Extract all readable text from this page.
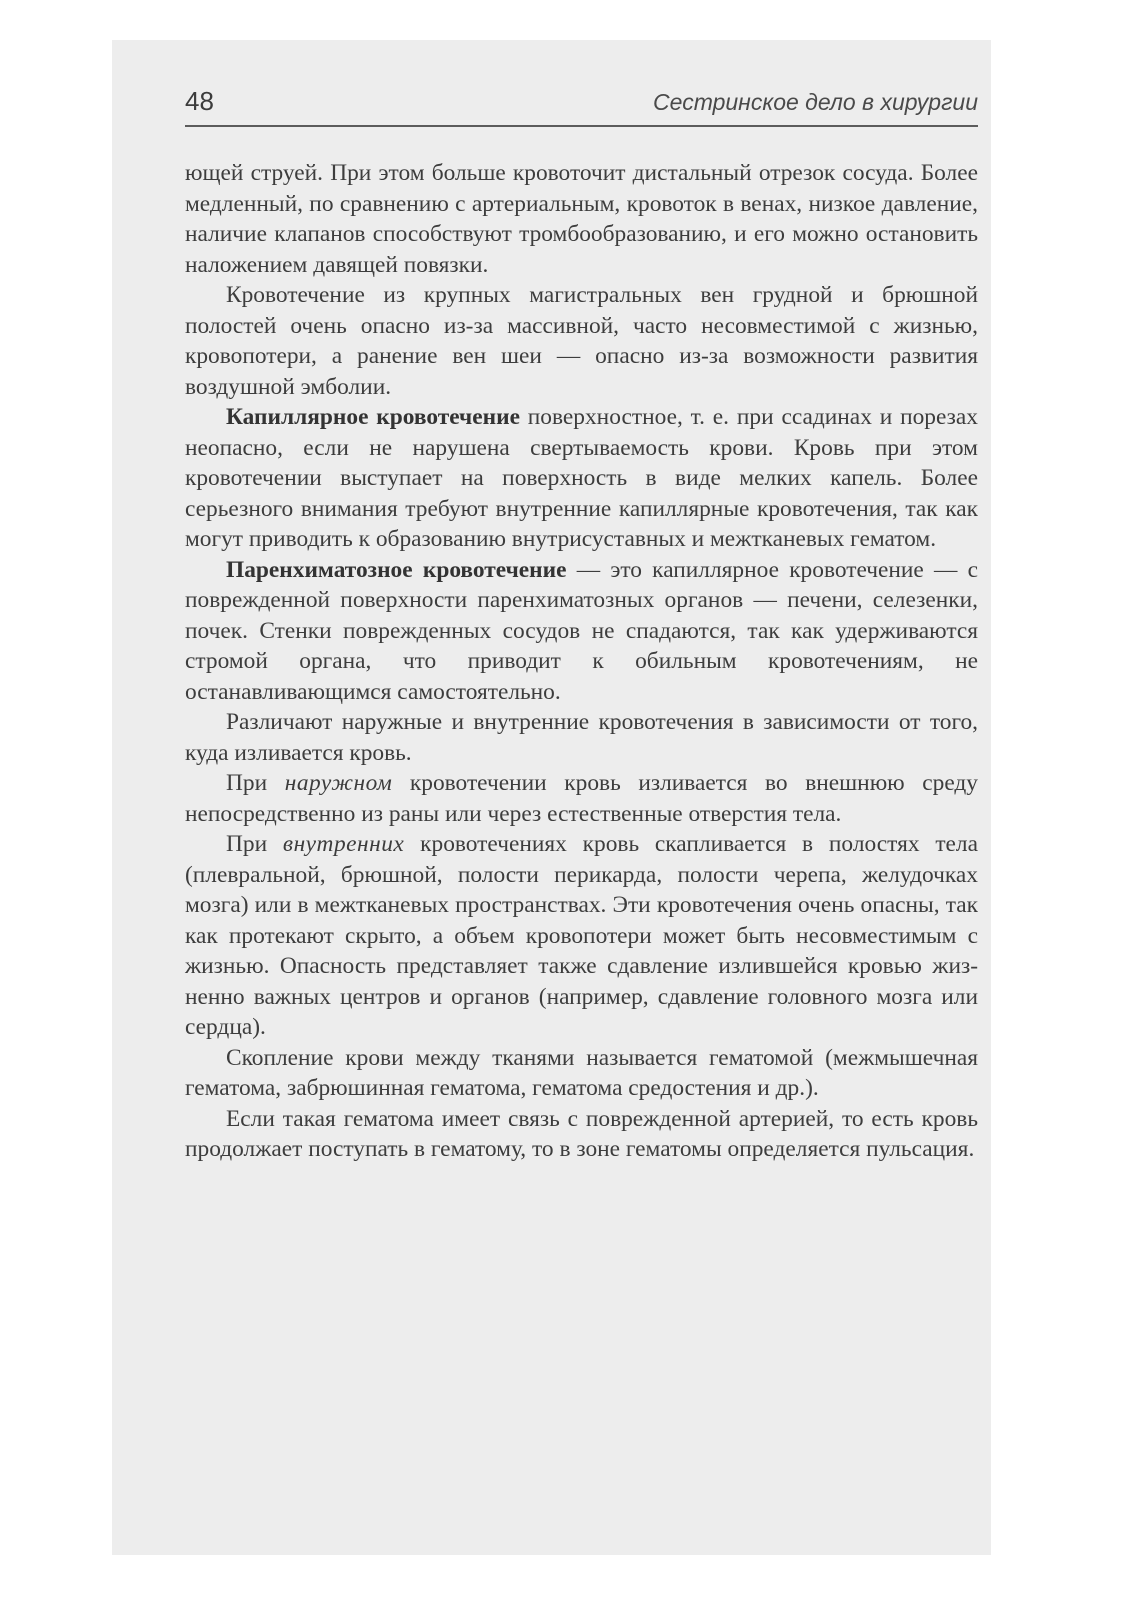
48	Сестринское дело в хирургии

ющей струей. При этом больше кровоточит дистальный отрезок сосуда. Более медленный, по сравнению с артериальным, кровоток в венах, низкое давление, наличие клапанов способствуют тромбообразованию, и его можно остановить наложением давящей повязки.

Кровотечение из крупных магистральных вен грудной и брюшной полостей очень опасно из-за массивной, часто несовместимой с жизнью, кровопотери, а ранение вен шеи — опасно из-за возможности развития воздушной эмболии.

Капиллярное кровотечение поверхностное, т. е. при ссадинах и порезах неопасно, если не нарушена свертываемость крови. Кровь при этом кровотечении выступает на поверхность в виде мелких капель. Более серьезного внимания требуют внутренние капиллярные кровотечения, так как могут приводить к образованию внутрисуставных и межтканевых гематом.

Паренхиматозное кровотечение — это капиллярное кровотечение — с поврежденной поверхности паренхиматозных органов — печени, селезенки, почек. Стенки поврежденных сосудов не спадаются, так как удерживаются стромой органа, что приводит к обильным кровотечениям, не останавливающимся самостоятельно.

Различают наружные и внутренние кровотечения в зависимости от того, куда изливается кровь.

При наружном кровотечении кровь изливается во внешнюю среду непосредственно из раны или через естественные отверстия тела.

При внутренних кровотечениях кровь скапливается в полостях тела (плевральной, брюшной, полости перикарда, полости черепа, желудочках мозга) или в межтканевых пространствах. Эти кровотечения очень опасны, так как протекают скрыто, а объем кровопотери может быть несовместимым с жизнью. Опасность представляет также сдавление излившейся кровью жизненно важных центров и органов (например, сдавление головного мозга или сердца).

Скопление крови между тканями называется гематомой (межмышечная гематома, забрюшинная гематома, гематома средостения и др.).

Если такая гематома имеет связь с поврежденной артерией, то есть кровь продолжает поступать в гематому, то в зоне гематомы определяется пульсация.
